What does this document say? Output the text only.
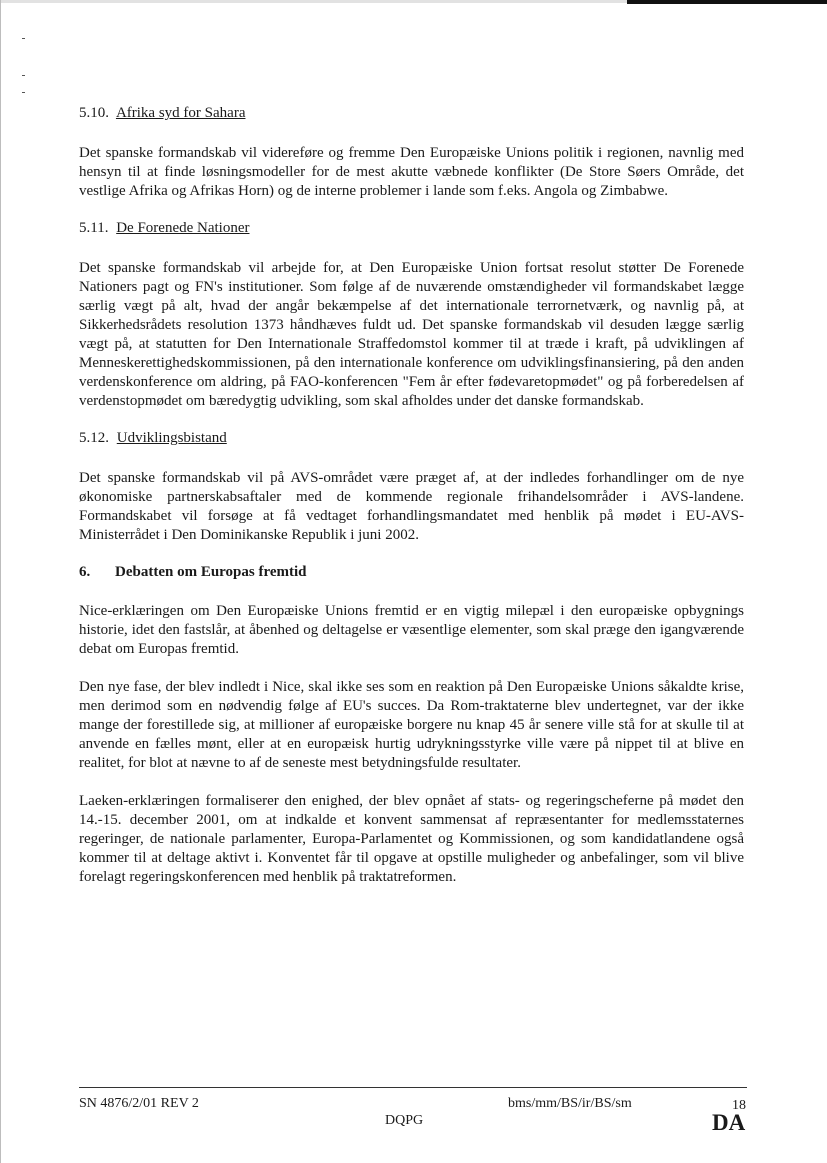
5.10. Afrika syd for Sahara

Det spanske formandskab vil videreføre og fremme Den Europæiske Unions politik i regionen, navnlig med hensyn til at finde løsningsmodeller for de mest akutte væbnede konflikter (De Store Søers Område, det vestlige Afrika og Afrikas Horn) og de interne problemer i lande som f.eks. Angola og Zimbabwe.

5.11. De Forenede Nationer

Det spanske formandskab vil arbejde for, at Den Europæiske Union fortsat resolut støtter De Forenede Nationers pagt og FN's institutioner. Som følge af de nuværende omstændigheder vil formandskabet lægge særlig vægt på alt, hvad der angår bekæmpelse af det internationale terrornetværk, og navnlig på, at Sikkerhedsrådets resolution 1373 håndhæves fuldt ud. Det spanske formandskab vil desuden lægge særlig vægt på, at statutten for Den Internationale Straffedomstol kommer til at træde i kraft, på udviklingen af Menneskerettighedskommissionen, på den internationale konference om udviklingsfinansiering, på den anden verdenskonference om aldring, på FAO-konferencen "Fem år efter fødevaretopmødet" og på forberedelsen af verdenstopmødet om bæredygtig udvikling, som skal afholdes under det danske formandskab.

5.12. Udviklingsbistand

Det spanske formandskab vil på AVS-området være præget af, at der indledes forhandlinger om de nye økonomiske partnerskabsaftaler med de kommende regionale frihandelsområder i AVS-landene. Formandskabet vil forsøge at få vedtaget forhandlingsmandatet med henblik på mødet i EU-AVS-Ministerrådet i Den Dominikanske Republik i juni 2002.

6. Debatten om Europas fremtid

Nice-erklæringen om Den Europæiske Unions fremtid er en vigtig milepæl i den europæiske opbygnings historie, idet den fastslår, at åbenhed og deltagelse er væsentlige elementer, som skal præge den igangværende debat om Europas fremtid.

Den nye fase, der blev indledt i Nice, skal ikke ses som en reaktion på Den Europæiske Unions såkaldte krise, men derimod som en nødvendig følge af EU's succes. Da Rom-traktaterne blev undertegnet, var der ikke mange der forestillede sig, at millioner af europæiske borgere nu knap 45 år senere ville stå for at skulle til at anvende en fælles mønt, eller at en europæisk hurtig udrykningsstyrke ville være på nippet til at blive en realitet, for blot at nævne to af de seneste mest betydningsfulde resultater.

Laeken-erklæringen formaliserer den enighed, der blev opnået af stats- og regeringscheferne på mødet den 14.-15. december 2001, om at indkalde et konvent sammensat af repræsentanter for medlemsstaternes regeringer, de nationale parlamenter, Europa-Parlamentet og Kommissionen, og som kandidatlandene også kommer til at deltage aktivt i. Konventet får til opgave at opstille muligheder og anbefalinger, som vil blive forelagt regeringskonferencen med henblik på traktatreformen.

SN 4876/2/01 REV 2	bms/mm/BS/ir/BS/sm	18
DQPG	DA
